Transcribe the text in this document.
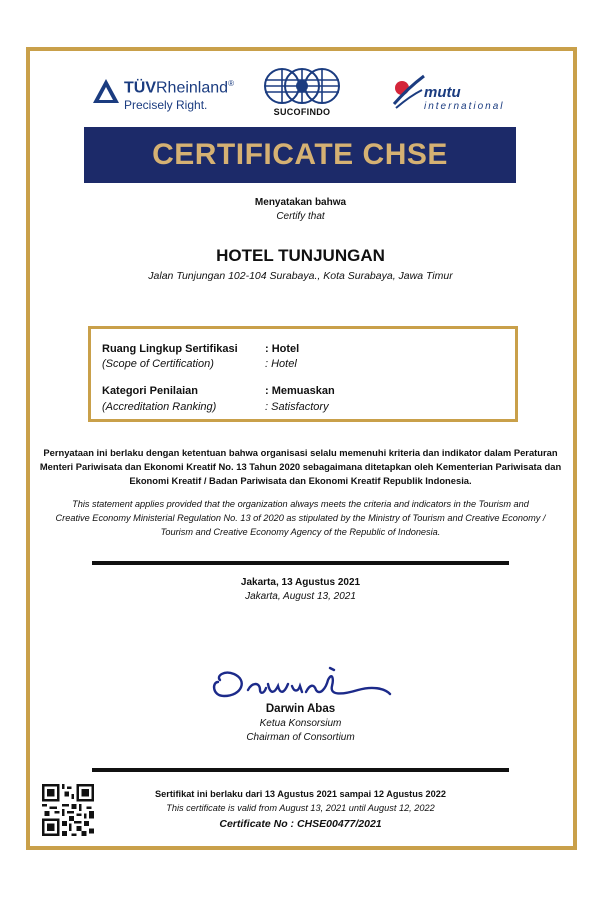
TÜVRheinland®
Precisely Right.	SUCOFINDO
mutu
international
CERTIFICATE CHSE
Menyatakan bahwa
Certify that
HOTEL TUNJUNGAN
Jalan Tunjungan 102-104 Surabaya., Kota Surabaya, Jawa Timur
Ruang Lingkup Sertifikasi
(Scope of Certification)
: Hotel
: Hotel
Kategori Penilaian
(Accreditation Ranking)
: Memuaskan
: Satisfactory
Pernyataan ini berlaku dengan ketentuan bahwa organisasi selalu memenuhi kriteria dan indikator dalam Peraturan
Menteri Pariwisata dan Ekonomi Kreatif No. 13 Tahun 2020 sebagaimana ditetapkan oleh Kementerian Pariwisata dan
Ekonomi Kreatif / Badan Pariwisata dan Ekonomi Kreatif Republik Indonesia.
This statement applies provided that the organization always meets the criteria and indicators in the Tourism and
Creative Economy Ministerial Regulation No. 13 of 2020 as stipulated by the Ministry of Tourism and Creative Economy /
Tourism and Creative Economy Agency of the Republic of Indonesia.
Jakarta, 13 Agustus 2021
Jakarta, August 13, 2021
Darwin Abas
Ketua Konsorsium
Chairman of Consortium
Sertifikat ini berlaku dari 13 Agustus 2021 sampai 12 Agustus 2022
This certificate is valid from August 13, 2021 until August 12, 2022
Certificate No : CHSE00477/2021
